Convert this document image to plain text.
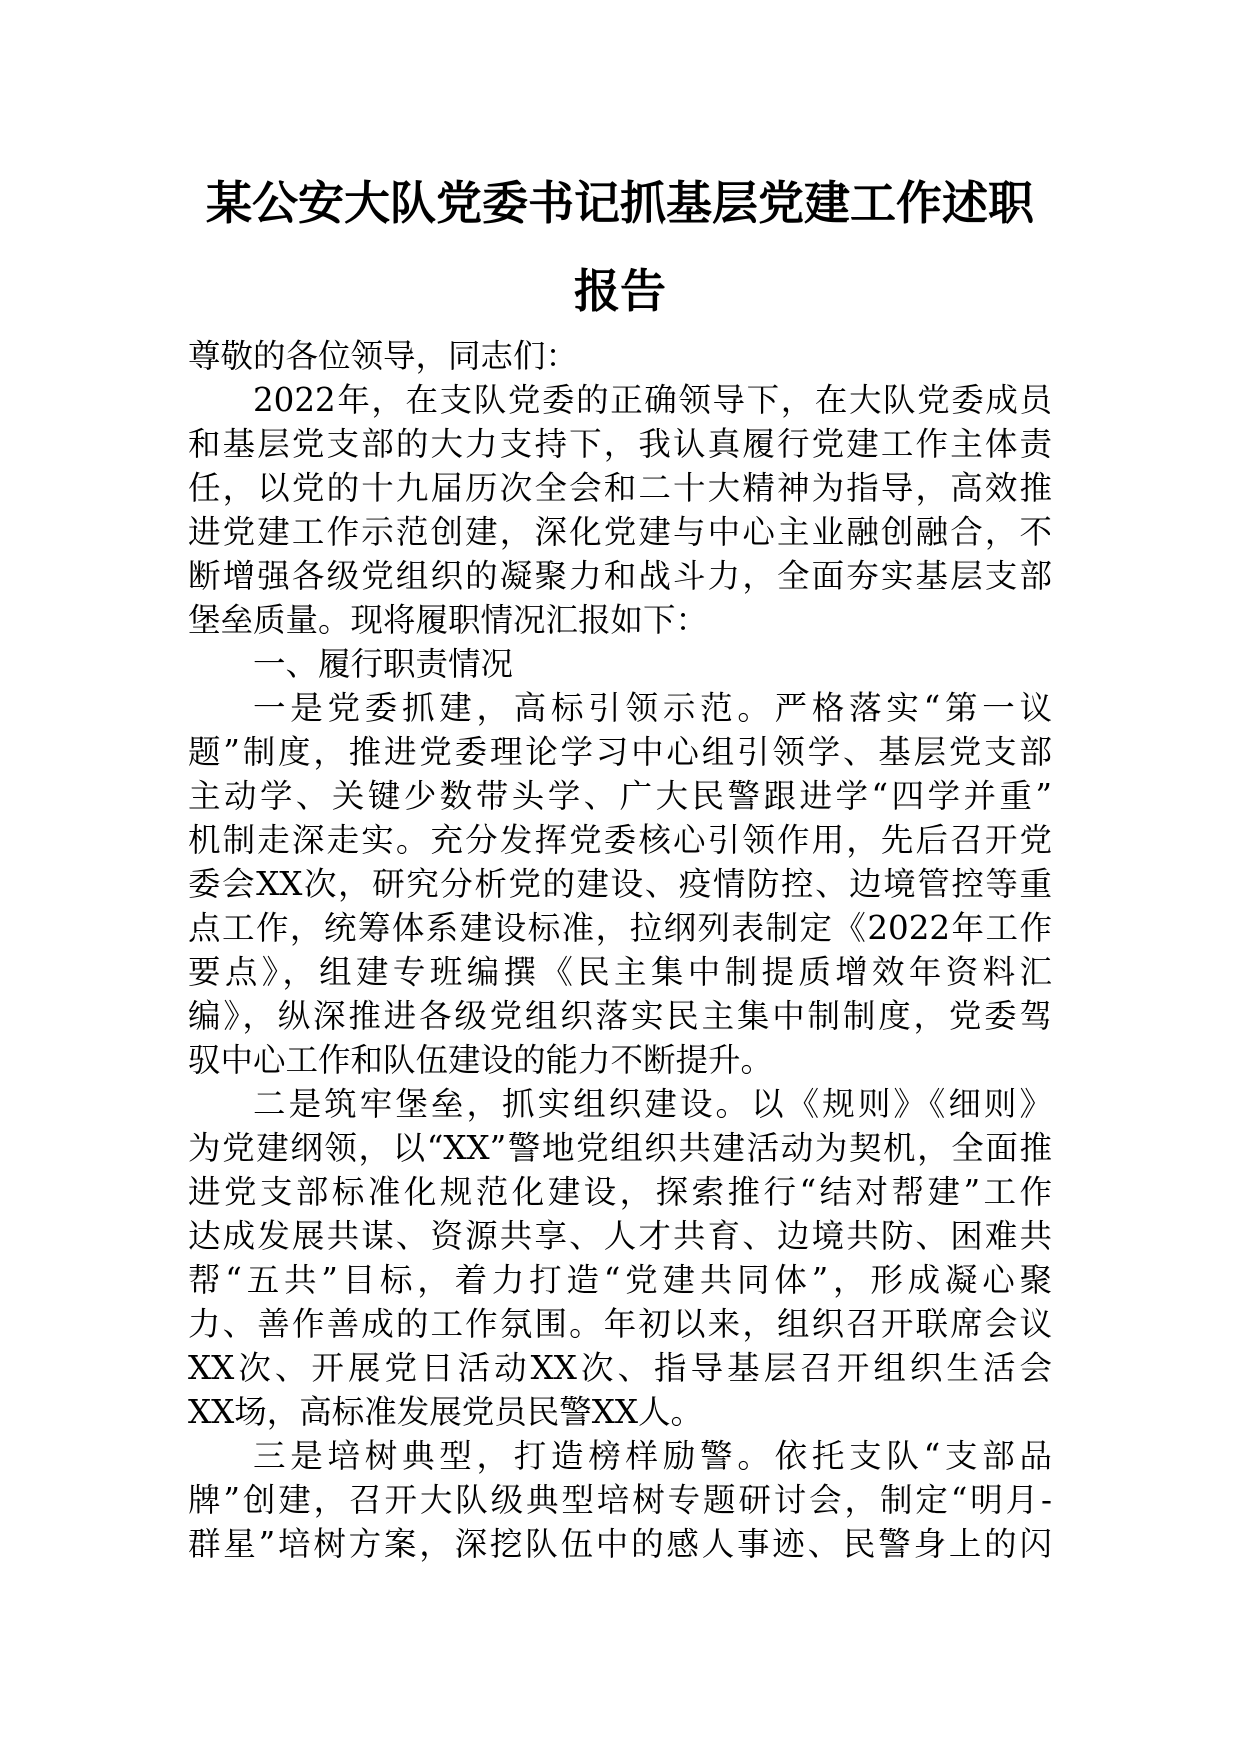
某公安大队党委书记抓基层党建工作述职
报告
尊敬的各位领导，同志们：
2022年，在支队党委的正确领导下，在大队党委成员
和基层党支部的大力支持下，我认真履行党建工作主体责
任，以党的十九届历次全会和二十大精神为指导，高效推
进党建工作示范创建，深化党建与中心主业融创融合，不
断增强各级党组织的凝聚力和战斗力，全面夯实基层支部
堡垒质量。现将履职情况汇报如下：
一、履行职责情况
一是党委抓建，高标引领示范。严格落实“第一议
题”制度，推进党委理论学习中心组引领学、基层党支部
主动学、关键少数带头学、广大民警跟进学“四学并重”
机制走深走实。充分发挥党委核心引领作用，先后召开党
委会XX次，研究分析党的建设、疫情防控、边境管控等重
点工作，统筹体系建设标准，拉纲列表制定《2022年工作
要点》，组建专班编撰《民主集中制提质增效年资料汇
编》，纵深推进各级党组织落实民主集中制制度，党委驾
驭中心工作和队伍建设的能力不断提升。
二是筑牢堡垒，抓实组织建设。以《规则》《细则》
为党建纲领，以“XX”警地党组织共建活动为契机，全面推
进党支部标准化规范化建设，探索推行“结对帮建”工作
达成发展共谋、资源共享、人才共育、边境共防、困难共
帮“五共”目标，着力打造“党建共同体”，形成凝心聚
力、善作善成的工作氛围。年初以来，组织召开联席会议
XX次、开展党日活动XX次、指导基层召开组织生活会
XX场，高标准发展党员民警XX人。
三是培树典型，打造榜样励警。依托支队“支部品
牌”创建，召开大队级典型培树专题研讨会，制定“明月-
群星”培树方案，深挖队伍中的感人事迹、民警身上的闪
